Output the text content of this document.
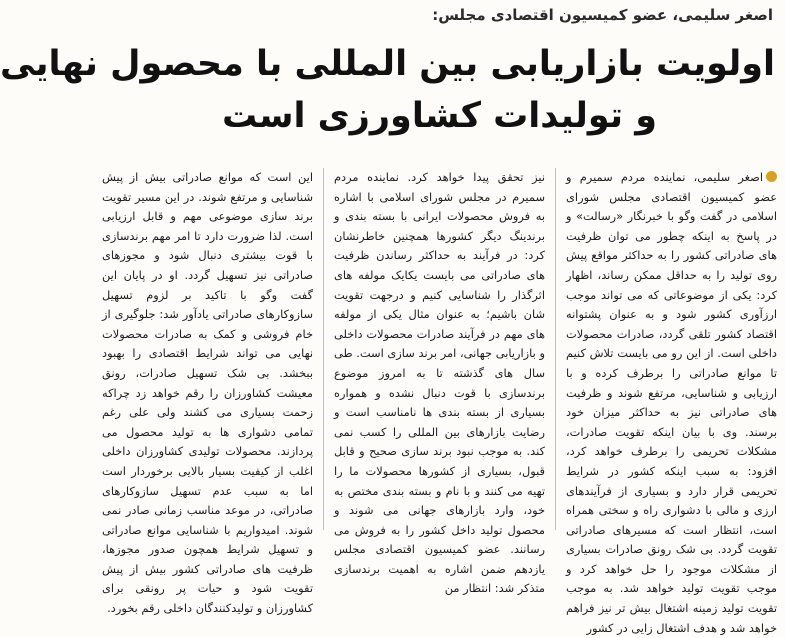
اصغر سلیمی، عضو کمیسیون اقتصادی مجلس:
اولویت بازاریابی بین المللی با محصول نهایی
و تولیدات کشاورزی است

اصغر سلیمی، نماینده مردم سمیرم و عضو کمیسیون اقتصادی مجلس شورای اسلامی در گفت وگو با خبرنگار «رسالت» و در پاسخ به اینکه چطور می توان ظرفیت های صادراتی کشور را به حداکثر مواقع پیش روی تولید را به حداقل ممکن رساند، اظهار کرد: یکی از موضوعاتی که می تواند موجب ارزآوری کشور شود و به عنوان پشتوانه اقتصاد کشور تلقی گردد، صادرات محصولات داخلی است. از این رو می بایست تلاش کنیم تا موانع صادراتی را برطرف کرده و با ارزیابی و شناسایی، مرتفع شوند و ظرفیت های صادراتی نیز به حداکثر میزان خود برسند. وی با بیان اینکه تقویت صادرات، مشکلات تحریمی را برطرف خواهد کرد، افزود: به سبب اینکه کشور در شرایط تحریمی قرار دارد و بسیاری از فرآیندهای ارزی و مالی با دشواری راه و سختی همراه است، انتظار است که مسیرهای صادراتی تقویت گردد. بی شک رونق صادرات بسیاری از مشکلات موجود را حل خواهد کرد و موجب تقویت تولید خواهد شد. به موجب تقویت تولید زمینه اشتغال بیش تر نیز فراهم خواهد شد و هدف اشتغال زایی در کشور

نیز تحقق پیدا خواهد کرد. نماینده مردم سمیرم در مجلس شورای اسلامی با اشاره به فروش محصولات ایرانی با بسته بندی و برندینگ دیگر کشورها همچنین خاطرنشان کرد: در فرآیند به حداکثر رساندن ظرفیت های صادراتی می بایست یکایک مولفه های اثرگذار را شناسایی کنیم و درجهت تقویت شان باشیم؛ به عنوان مثال یکی از مولفه های مهم در فرآیند صادرات محصولات داخلی و بازاریابی جهانی، امر برند سازی است. طی سال های گذشته تا به امروز موضوع برندسازی با قوت دنبال نشده و همواره بسیاری از بسته بندی ها نامناسب است و رضایت بازارهای بین المللی را کسب نمی کند. به موجب نبود برند سازی صحیح و قابل قبول، بسیاری از کشورها محصولات ما را تهیه می کنند و با نام و بسته بندی مختص به خود، وارد بازارهای جهانی می شوند و محصول تولید داخل کشور را به فروش می رسانند. عضو کمیسیون اقتصادی مجلس یازدهم ضمن اشاره به اهمیت برندسازی متذکر شد: انتظار من

این است که موانع صادراتی بیش از پیش شناسایی و مرتفع شوند. در این مسیر تقویت برند سازی موضوعی مهم و قابل ارزیابی است. لذا ضرورت دارد تا امر مهم برندسازی با قوت بیشتری دنبال شود و مجوزهای صادراتی نیز تسهیل گردد. او در پایان این گفت وگو با تاکید بر لزوم تسهیل سازوکارهای صادراتی یادآور شد: جلوگیری از خام فروشی و کمک به صادرات محصولات نهایی می تواند شرایط اقتصادی را بهبود ببخشد. بی شک تسهیل صادرات، رونق معیشت کشاورزان را رقم خواهد زد چراکه زحمت بسیاری می کشند ولی علی رغم تمامی دشواری ها به تولید محصول می پردازند. محصولات تولیدی کشاورزان داخلی اغلب از کیفیت بسیار بالایی برخوردار است اما به سبب عدم تسهیل سازوکارهای صادراتی، در موعد مناسب زمانی صادر نمی شوند. امیدواریم با شناسایی موانع صادراتی و تسهیل شرایط همچون صدور مجوزها، ظرفیت های صادراتی کشور بیش از پیش تقویت شود و حیات پر رونقی برای کشاورزان و تولیدکنندگان داخلی رقم بخورد.
